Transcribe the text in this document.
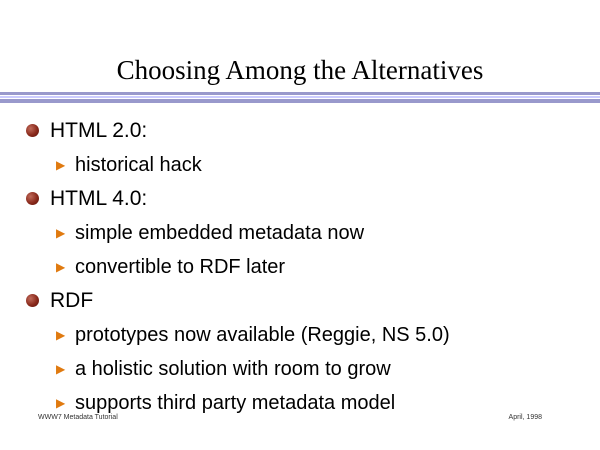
Choosing Among the Alternatives
HTML 2.0:
▶ historical hack
HTML 4.0:
▶ simple embedded metadata now
▶ convertible to RDF later
RDF
▶ prototypes now available (Reggie, NS 5.0)
▶ a holistic solution with room to grow
▶ supports third party metadata model
WWW7 Metadata Tutorial	April, 1998
